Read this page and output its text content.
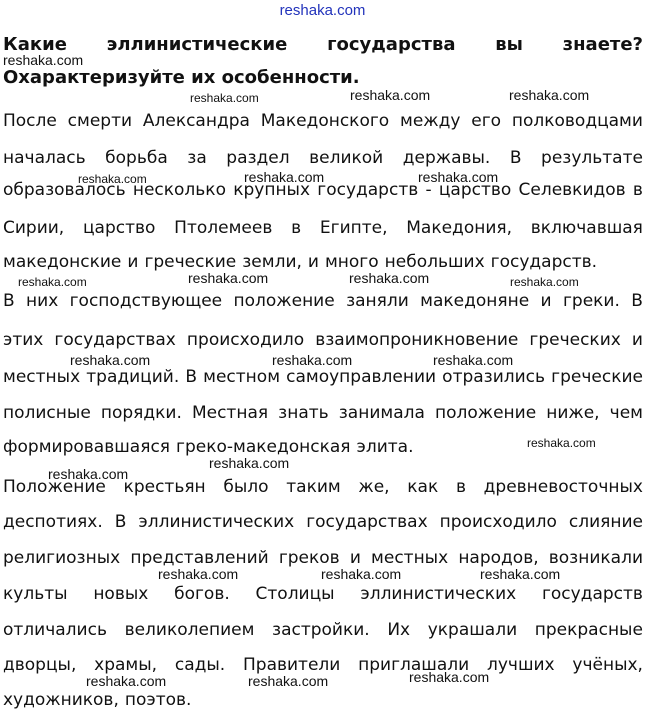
reshaka.com
Какие эллинистические государства вы знаете?
Охарактеризуйте их особенности.
После смерти Александра Македонского между его полководцами
началась борьба за раздел великой державы. В результате
образовалось несколько крупных государств - царство Селевкидов в
Сирии, царство Птолемеев в Египте, Македония, включавшая
македонские и греческие земли, и много небольших государств.
В них господствующее положение заняли македоняне и греки. В
этих государствах происходило взаимопроникновение греческих и
местных традиций. В местном самоуправлении отразились греческие
полисные порядки. Местная знать занимала положение ниже, чем
формировавшаяся греко-македонская элита.
Положение крестьян было таким же, как в древневосточных
деспотиях. В эллинистических государствах происходило слияние
религиозных представлений греков и местных народов, возникали
культы новых богов. Столицы эллинистических государств
отличались великолепием застройки. Их украшали прекрасные
дворцы, храмы, сады. Правители приглашали лучших учёных,
художников, поэтов.
reshaka.com
reshaka.com	reshaka.com	reshaka.com
reshaka.com	reshaka.com	reshaka.com
reshaka.com	reshaka.com	reshaka.com	reshaka.com
reshaka.com	reshaka.com	reshaka.com
reshaka.com
reshaka.com
reshaka.com
reshaka.com	reshaka.com	reshaka.com
reshaka.com	reshaka.com	reshaka.com
